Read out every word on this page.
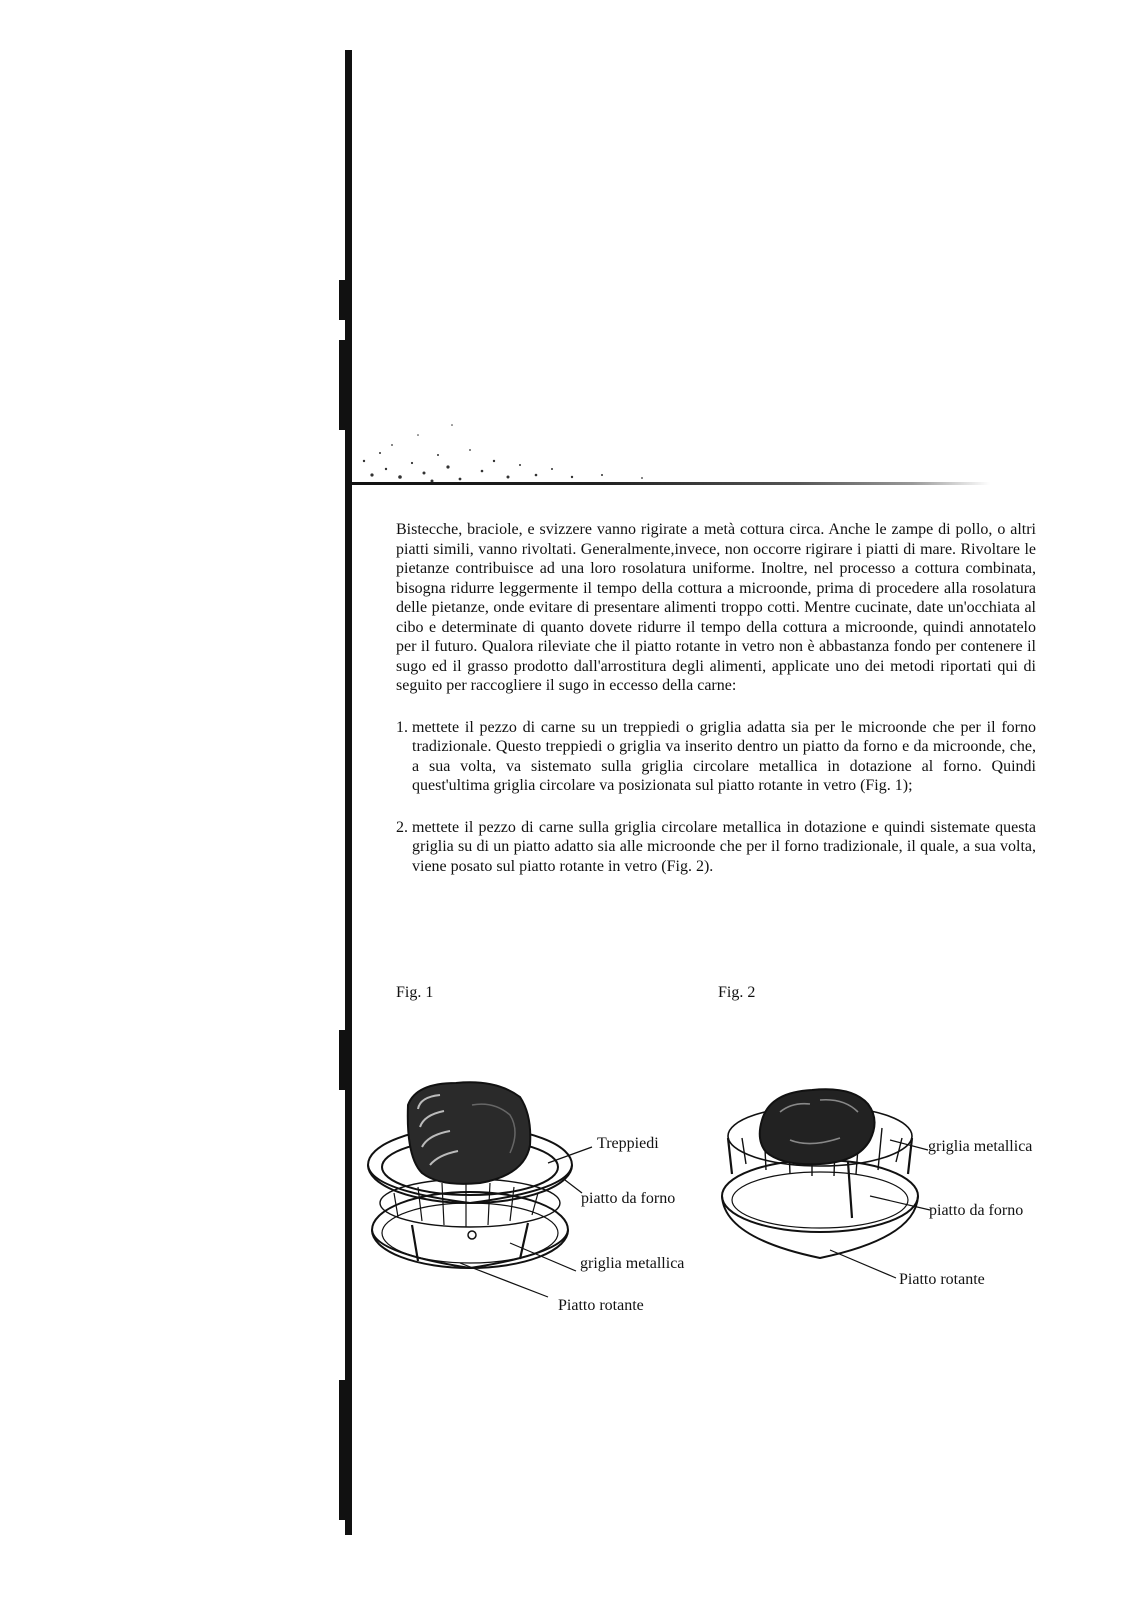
Bistecche, braciole, e svizzere vanno rigirate a metà cottura circa. Anche le zampe di pollo, o altri piatti simili, vanno rivoltati. Generalmente,invece, non occorre rigirare i piatti di mare. Rivoltare le pietanze contribuisce ad una loro rosolatura uniforme. Inoltre, nel processo a cottura combinata, bisogna ridurre leggermente il tempo della cottura a microonde, prima di procedere alla rosolatura delle pietanze, onde evitare di presentare alimenti troppo cotti. Mentre cucinate, date un'occhiata al cibo e determinate di quanto dovete ridurre il tempo della cottura a microonde, quindi annotatelo per il futuro. Qualora rileviate che il piatto rotante in vetro non è abbastanza fondo per contenere il sugo ed il grasso prodotto dall'arrostitura degli alimenti, applicate uno dei metodi riportati qui di seguito per raccogliere il sugo in eccesso della carne:

1. mettete il pezzo di carne su un treppiedi o griglia adatta sia per le microonde che per il forno tradizionale. Questo treppiedi o griglia va inserito dentro un piatto da forno e da microonde, che, a sua volta, va sistemato sulla griglia circolare metallica in dotazione al forno. Quindi quest'ultima griglia circolare va posizionata sul piatto rotante in vetro (Fig. 1);
2. mettete il pezzo di carne sulla griglia circolare metallica in dotazione e quindi sistemate questa griglia su di un piatto adatto sia alle microonde che per il forno tradizionale, il quale, a sua volta, viene posato sul piatto rotante in vetro (Fig. 2).
Fig. 1	Fig. 2
Treppiedi
piatto da forno
griglia metallica
Piatto rotante
griglia metallica
piatto da forno
Piatto rotante
